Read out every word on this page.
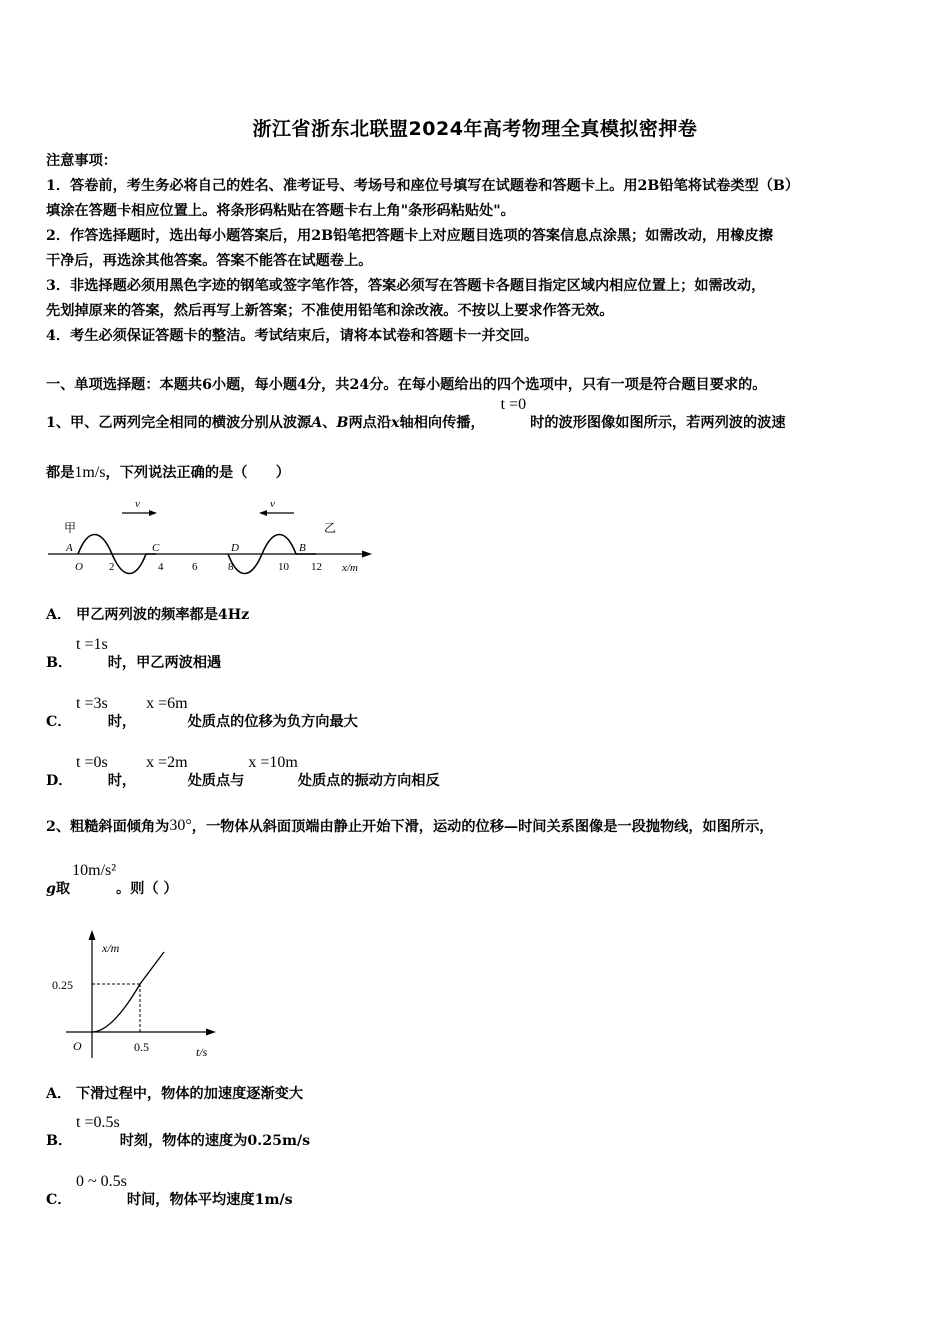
浙江省浙东北联盟2024年高考物理全真模拟密押卷
注意事项：
1．答卷前，考生务必将自己的姓名、准考证号、考场号和座位号填写在试题卷和答题卡上。用2B铅笔将试卷类型（B）
填涂在答题卡相应位置上。将条形码粘贴在答题卡右上角"条形码粘贴处"。
2．作答选择题时，选出每小题答案后，用2B铅笔把答题卡上对应题目选项的答案信息点涂黑；如需改动，用橡皮擦
干净后，再选涂其他答案。答案不能答在试题卷上。
3．非选择题必须用黑色字迹的钢笔或签字笔作答，答案必须写在答题卡各题目指定区域内相应位置上；如需改动，
先划掉原来的答案，然后再写上新答案；不准使用铅笔和涂改液。不按以上要求作答无效。
4．考生必须保证答题卡的整洁。考试结束后，请将本试卷和答题卡一并交回。
一、单项选择题：本题共6小题，每小题4分，共24分。在每小题给出的四个选项中，只有一项是符合题目要求的。
1、甲、乙两列完全相同的横波分别从波源A、B两点沿x轴相向传播，t =0时的波形图像如图所示，若两列波的波速
都是1m/s，下列说法正确的是（　　）
v	v
甲	乙
A	C	D	B
O 2	4	6	8	10 12 x/m
A． 甲乙两列波的频率都是4Hz
B．t =1s时，甲乙两波相遇
C．t =3s时，x =6m处质点的位移为负方向最大
D．t =0s时，x =2m处质点与x =10m处质点的振动方向相反
2、粗糙斜面倾角为30°，一物体从斜面顶端由静止开始下滑，运动的位移—时间关系图像是一段抛物线，如图所示，
g取10m/s²。则（ ）
x/m
0.25
O	0.5	t/s
A． 下滑过程中，物体的加速度逐渐变大
B．t =0.5s时刻，物体的速度为0.25m/s
C．0 ~ 0.5s时间，物体平均速度1m/s
